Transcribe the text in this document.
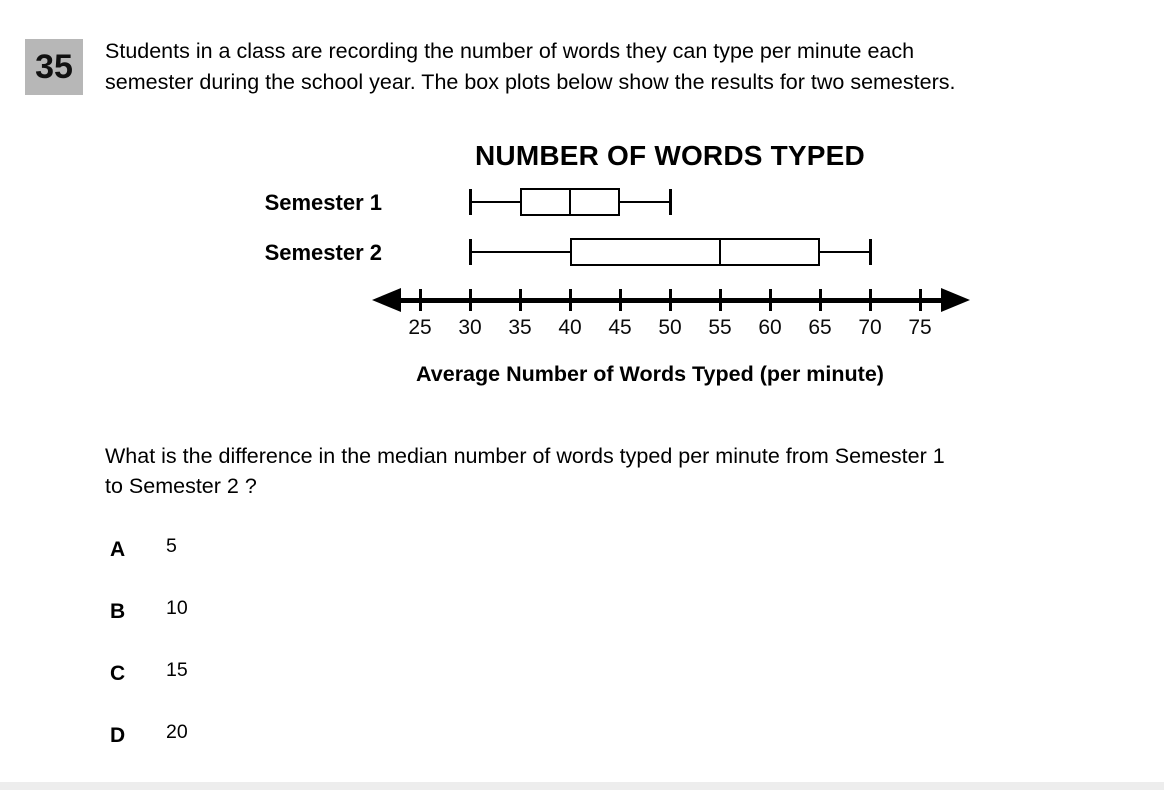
35	Students in a class are recording the number of words they can type per minute each
semester during the school year. The box plots below show the results for two semesters.
NUMBER OF WORDS TYPED
Semester 1
Semester 2
25	30	35	40	45	50	55	60	65	70	75
Average Number of Words Typed (per minute)
What is the difference in the median number of words typed per minute from Semester 1
to Semester 2 ?
A 5
B 10
C 15
D 20
